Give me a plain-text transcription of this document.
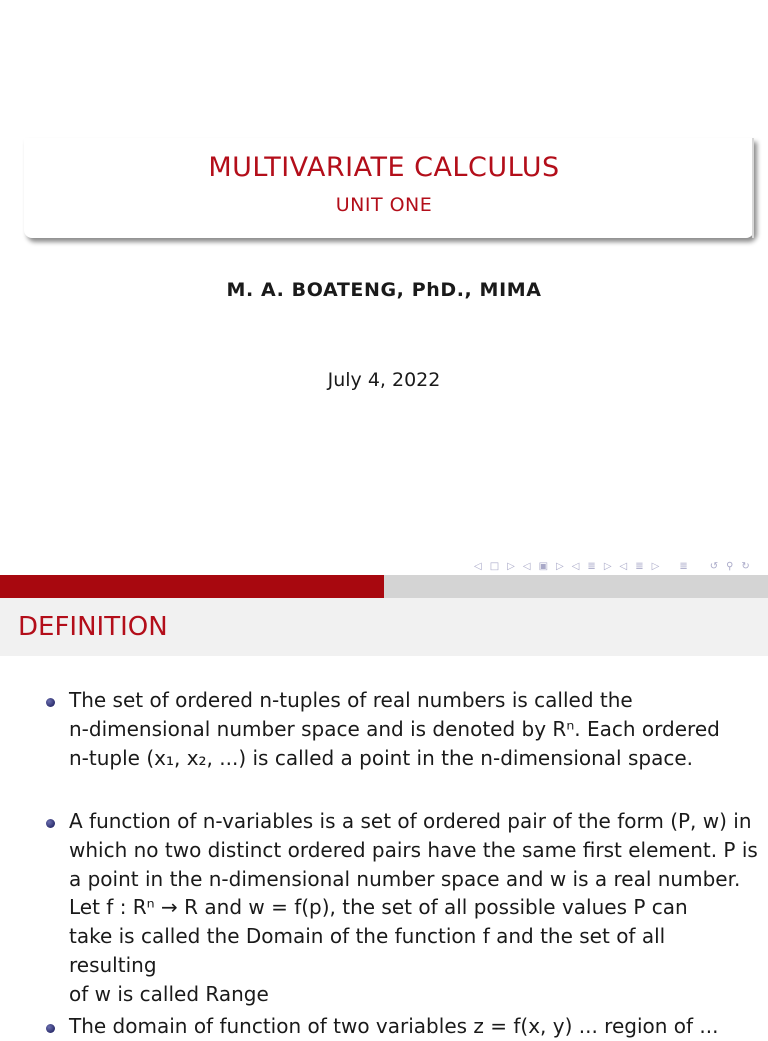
MULTIVARIATE CALCULUS
UNIT ONE
M. A. BOATENG, PhD., MIMA
July 4, 2022
◁ □ ▷ ◁ ▣ ▷ ◁ ≣ ▷ ◁ ≣ ▷ ≣ ↺ ⚲ ↻
DEFINITION
The set of ordered n-tuples of real numbers is called the
n-dimensional number space and is denoted by Rⁿ. Each ordered
n-tuple (x₁, x₂, ...) is called a point in the n-dimensional space.
A function of n-variables is a set of ordered pair of the form (P, w) in
which no two distinct ordered pairs have the same first element. P is
a point in the n-dimensional number space and w is a real number.
Let f : Rⁿ → R and w = f(p), the set of all possible values P can
take is called the Domain of the function f and the set of all resulting
of w is called Range
The domain of function of two variables z = f(x, y) ... region of ...
